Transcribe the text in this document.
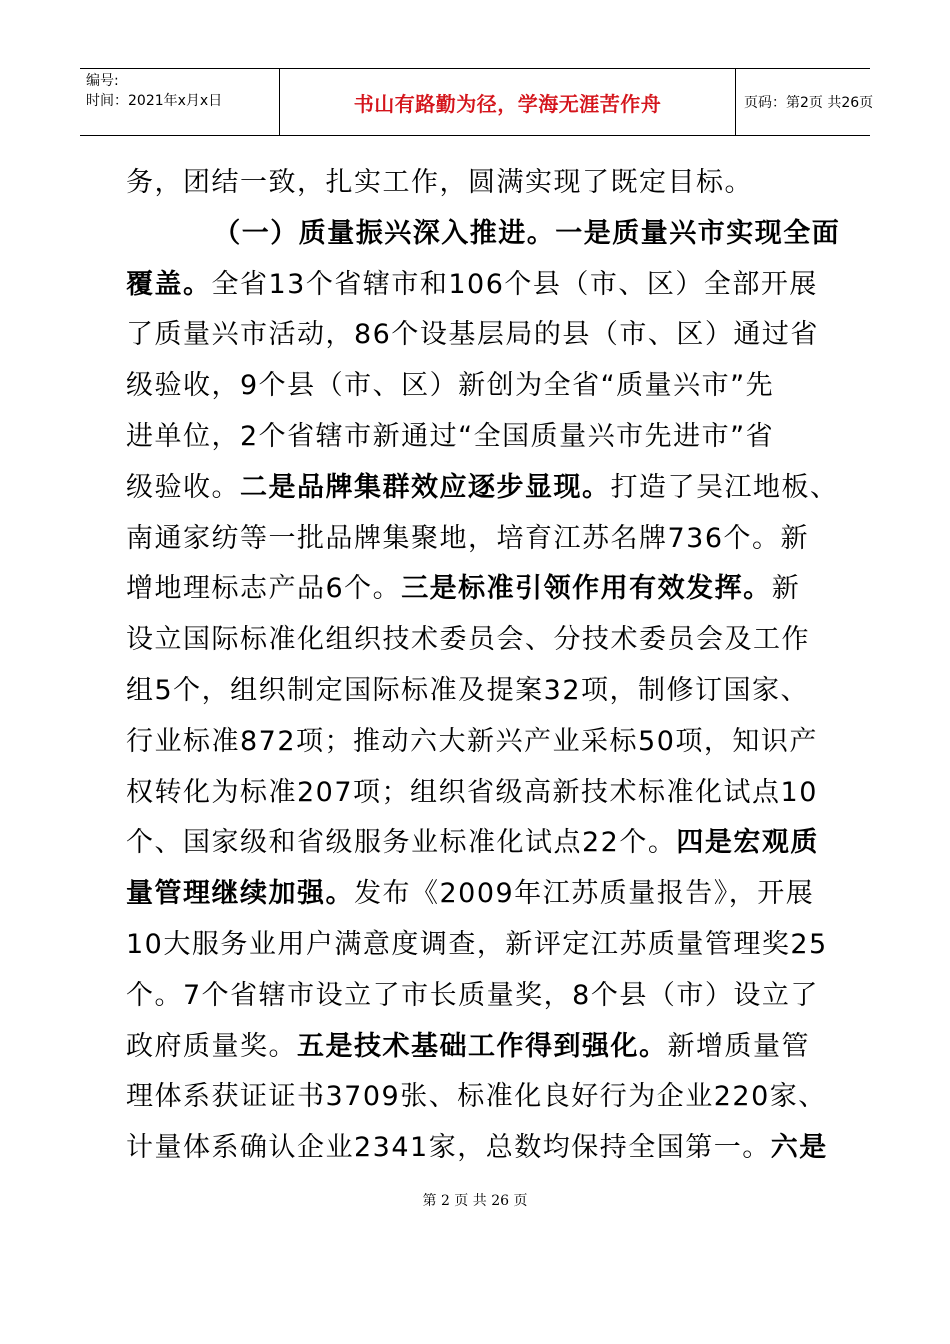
编号:
时间：2021年x月x日	书山有路勤为径，学海无涯苦作舟	页码：第2页 共26页
务，团结一致，扎实工作，圆满实现了既定目标。
（一）质量振兴深入推进。一是质量兴市实现全面
覆盖。全省13个省辖市和106个县（市、区）全部开展
了质量兴市活动，86个设基层局的县（市、区）通过省
级验收，9个县（市、区）新创为全省“质量兴市”先
进单位，2个省辖市新通过“全国质量兴市先进市”省
级验收。二是品牌集群效应逐步显现。打造了吴江地板、
南通家纺等一批品牌集聚地，培育江苏名牌736个。新
增地理标志产品6个。三是标准引领作用有效发挥。新
设立国际标准化组织技术委员会、分技术委员会及工作
组5个，组织制定国际标准及提案32项，制修订国家、
行业标准872项；推动六大新兴产业采标50项，知识产
权转化为标准207项；组织省级高新技术标准化试点10
个、国家级和省级服务业标准化试点22个。四是宏观质
量管理继续加强。发布《2009年江苏质量报告》，开展
10大服务业用户满意度调查，新评定江苏质量管理奖25
个。7个省辖市设立了市长质量奖，8个县（市）设立了
政府质量奖。五是技术基础工作得到强化。新增质量管
理体系获证证书3709张、标准化良好行为企业220家、
计量体系确认企业2341家，总数均保持全国第一。六是
第 2 页 共 26 页
